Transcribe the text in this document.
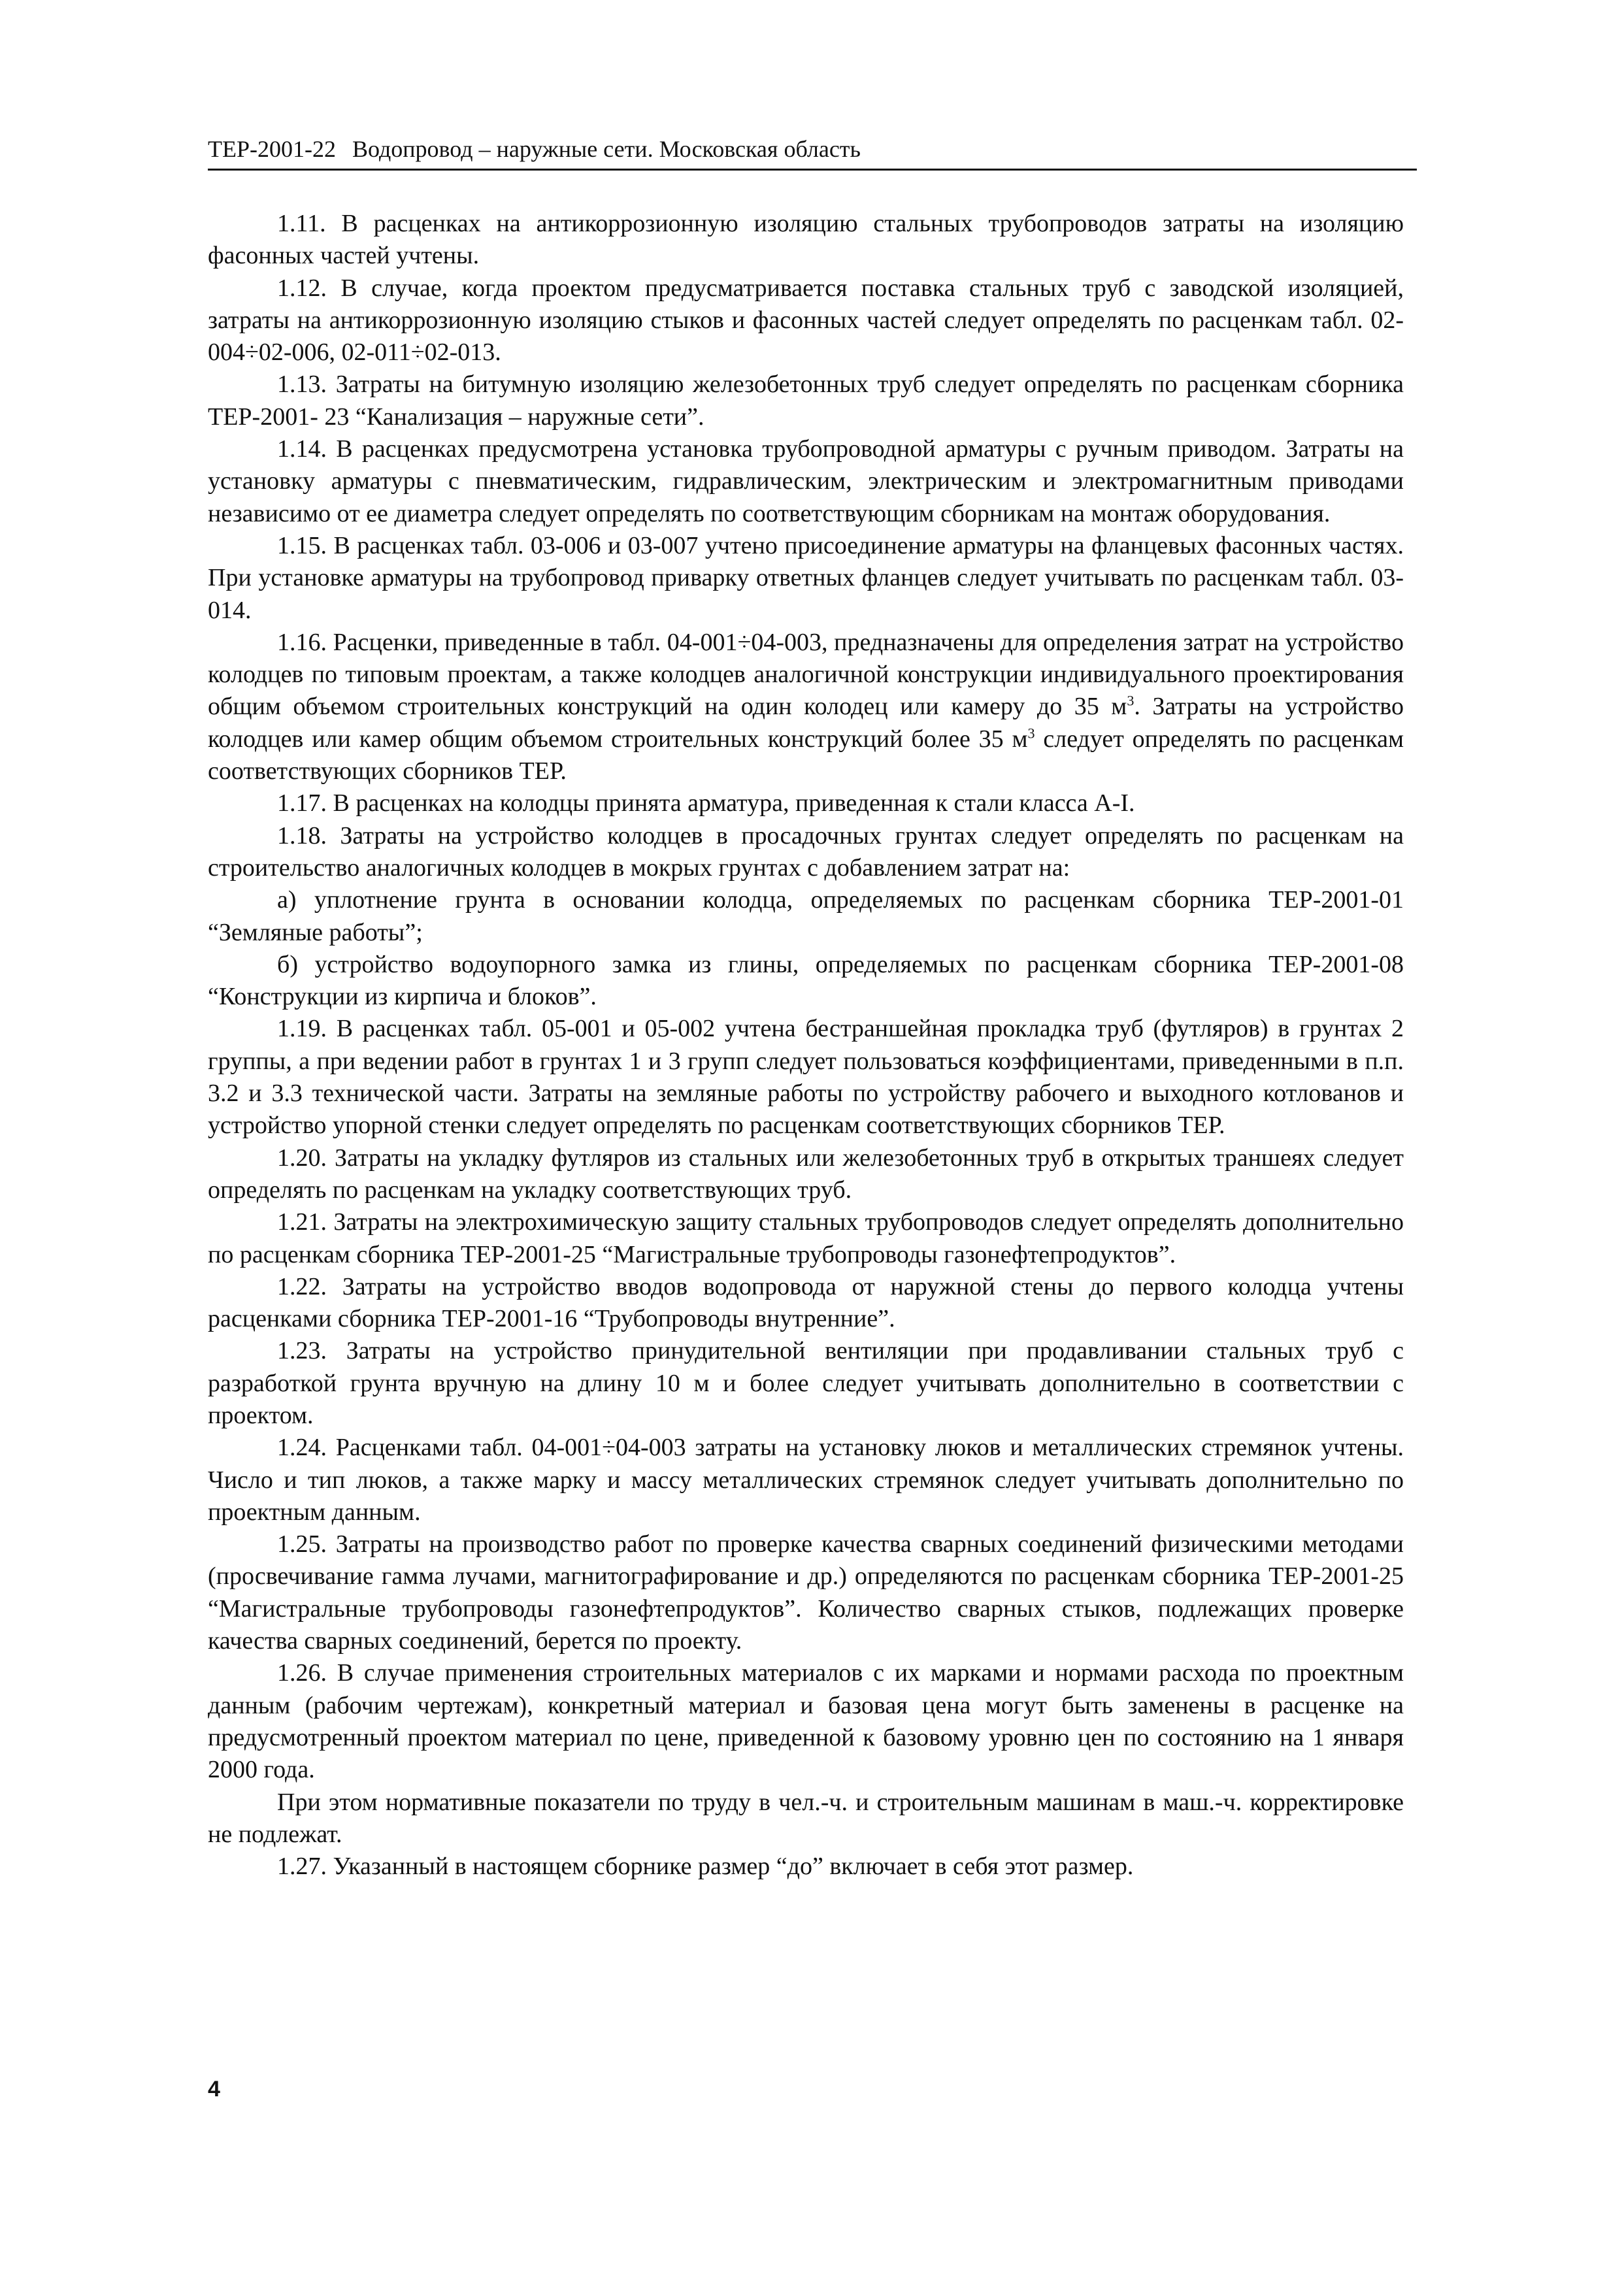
ТЕР-2001-22 Водопровод – наружные сети. Московская область

1.11. В расценках на антикоррозионную изоляцию стальных трубопроводов затраты на изоляцию фасонных частей учтены.

1.12. В случае, когда проектом предусматривается поставка стальных труб с заводской изоляцией, затраты на антикоррозионную изоляцию стыков и фасонных частей следует определять по расценкам табл. 02-004÷02-006, 02-011÷02-013.

1.13. Затраты на битумную изоляцию железобетонных труб следует определять по расценкам сборника ТЕР-2001- 23 “Канализация – наружные сети”.

1.14. В расценках предусмотрена установка трубопроводной арматуры с ручным приводом. Затраты на установку арматуры с пневматическим, гидравлическим, электрическим и электромагнитным приводами независимо от ее диаметра следует определять по соответствующим сборникам на монтаж оборудования.

1.15. В расценках табл. 03-006 и 03-007 учтено присоединение арматуры на фланцевых фасонных частях. При установке арматуры на трубопровод приварку ответных фланцев следует учитывать по расценкам табл. 03-014.

1.16. Расценки, приведенные в табл. 04-001÷04-003, предназначены для определения затрат на устройство колодцев по типовым проектам, а также колодцев аналогичной конструкции индивидуального проектирования общим объемом строительных конструкций на один колодец или камеру до 35 $м^3$. Затраты на устройство колодцев или камер общим объемом строительных конструкций более 35 $м^3$ следует определять по расценкам соответствующих сборников ТЕР.

1.17. В расценках на колодцы принята арматура, приведенная к стали класса А-I.

1.18. Затраты на устройство колодцев в просадочных грунтах следует определять по расценкам на строительство аналогичных колодцев в мокрых грунтах с добавлением затрат на:

а) уплотнение грунта в основании колодца, определяемых по расценкам сборника ТЕР-2001-01 “Земляные работы”;

б) устройство водоупорного замка из глины, определяемых по расценкам сборника ТЕР-2001-08 “Конструкции из кирпича и блоков”.

1.19. В расценках табл. 05-001 и 05-002 учтена бестраншейная прокладка труб (футляров) в грунтах 2 группы, а при ведении работ в грунтах 1 и 3 групп следует пользоваться коэффициентами, приведенными в п.п. 3.2 и 3.3 технической части. Затраты на земляные работы по устройству рабочего и выходного котлованов и устройство упорной стенки следует определять по расценкам соответствующих сборников ТЕР.

1.20. Затраты на укладку футляров из стальных или железобетонных труб в открытых траншеях следует определять по расценкам на укладку соответствующих труб.

1.21. Затраты на электрохимическую защиту стальных трубопроводов следует определять дополнительно по расценкам сборника ТЕР-2001-25 “Магистральные трубопроводы газонефтепродуктов”.

1.22. Затраты на устройство вводов водопровода от наружной стены до первого колодца учтены расценками сборника ТЕР-2001-16 “Трубопроводы внутренние”.

1.23. Затраты на устройство принудительной вентиляции при продавливании стальных труб с разработкой грунта вручную на длину 10 м и более следует учитывать дополнительно в соответствии с проектом.

1.24. Расценками табл. 04-001÷04-003 затраты на установку люков и металлических стремянок учтены. Число и тип люков, а также марку и массу металлических стремянок следует учитывать дополнительно по проектным данным.

1.25. Затраты на производство работ по проверке качества сварных соединений физическими методами (просвечивание гамма лучами, магнитографирование и др.) определяются по расценкам сборника ТЕР-2001-25 “Магистральные трубопроводы газонефтепродуктов”. Количество сварных стыков, подлежащих проверке качества сварных соединений, берется по проекту.

1.26. В случае применения строительных материалов с их марками и нормами расхода по проектным данным (рабочим чертежам), конкретный материал и базовая цена могут быть заменены в расценке на предусмотренный проектом материал по цене, приведенной к базовому уровню цен по состоянию на 1 января 2000 года.

При этом нормативные показатели по труду в чел.-ч. и строительным машинам в маш.-ч. корректировке не подлежат.

1.27. Указанный в настоящем сборнике размер “до” включает в себя этот размер.

4
